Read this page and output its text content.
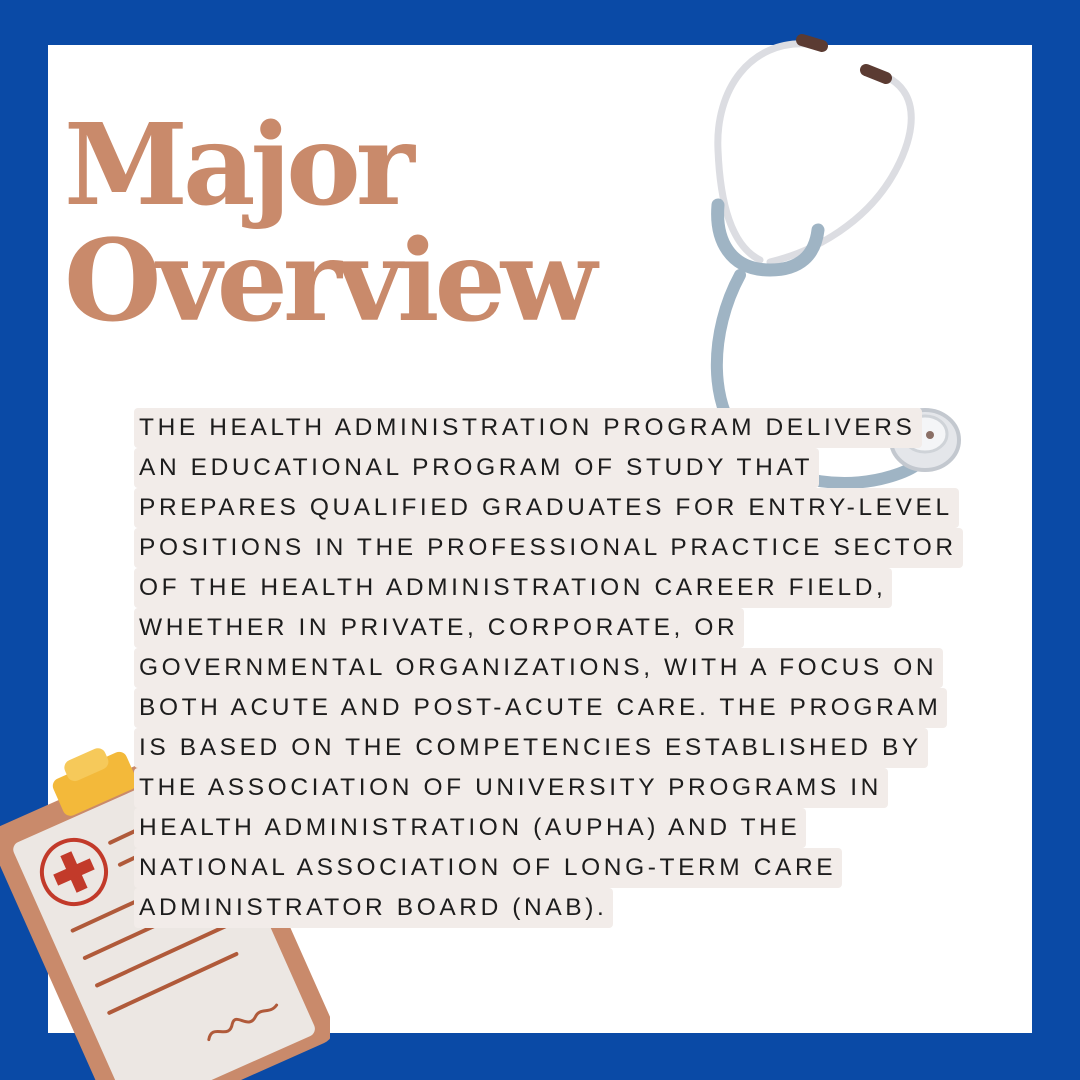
Major
Overview
THE HEALTH ADMINISTRATION PROGRAM DELIVERS
AN EDUCATIONAL PROGRAM OF STUDY THAT
PREPARES QUALIFIED GRADUATES FOR ENTRY-LEVEL
POSITIONS IN THE PROFESSIONAL PRACTICE SECTOR
OF THE HEALTH ADMINISTRATION CAREER FIELD,
WHETHER IN PRIVATE, CORPORATE, OR
GOVERNMENTAL ORGANIZATIONS, WITH A FOCUS ON
BOTH ACUTE AND POST-ACUTE CARE. THE PROGRAM
IS BASED ON THE COMPETENCIES ESTABLISHED BY
THE ASSOCIATION OF UNIVERSITY PROGRAMS IN
HEALTH ADMINISTRATION (AUPHA) AND THE
NATIONAL ASSOCIATION OF LONG-TERM CARE
ADMINISTRATOR BOARD (NAB).
